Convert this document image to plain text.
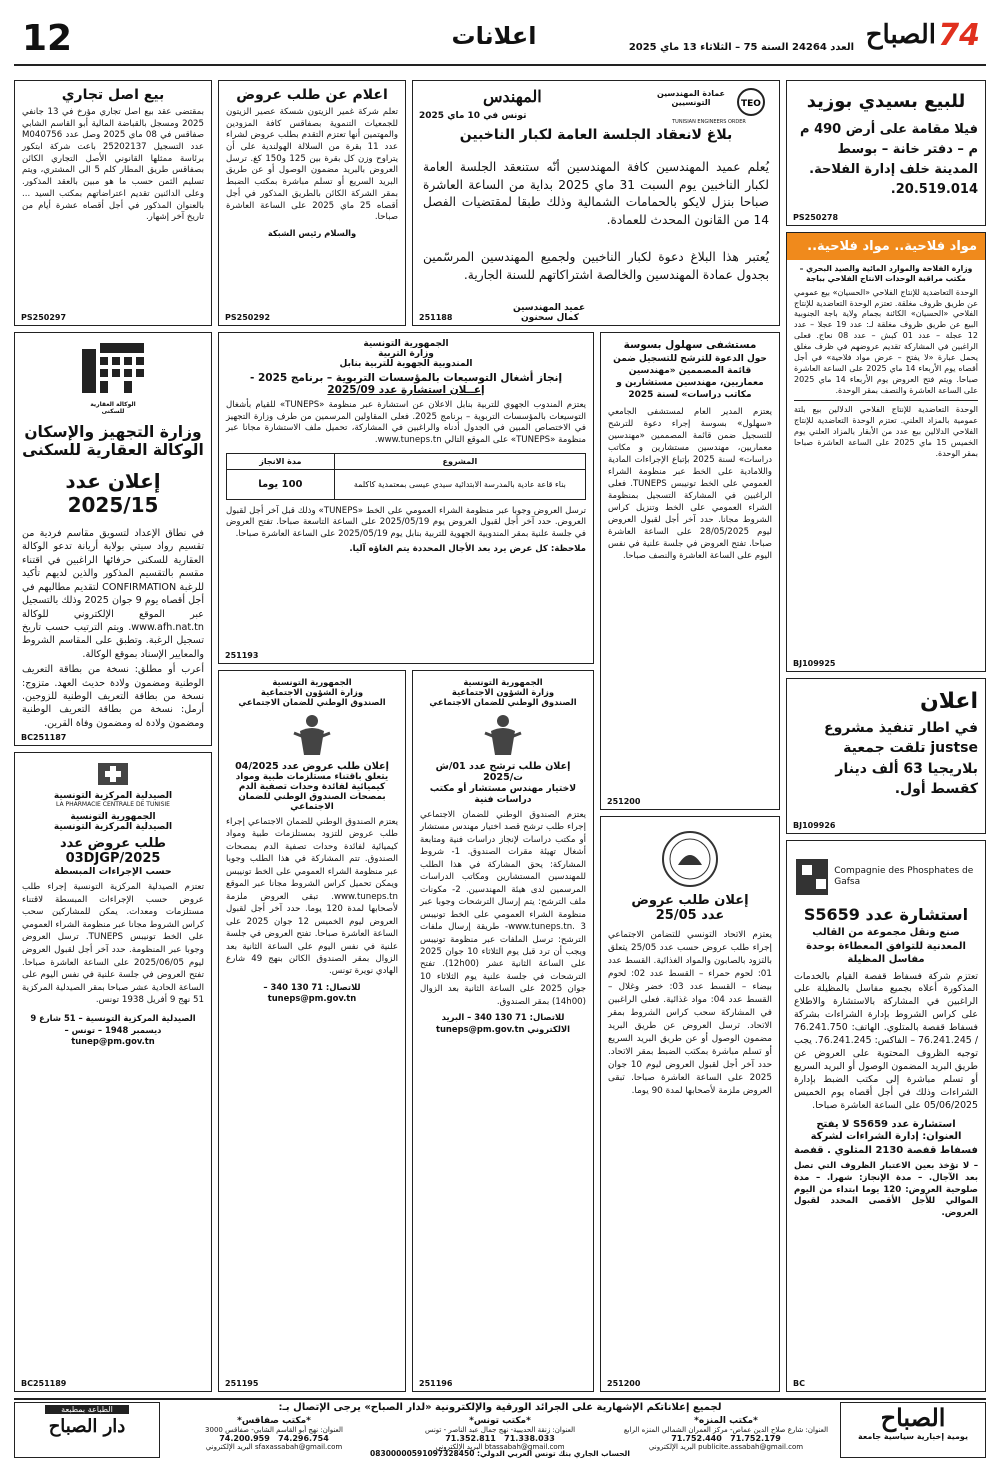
12	اعلانات	العدد 24264 السنة 75 – الثلاثاء 13 ماي 2025	74
الصباح
للبيع بسيدي بوزيد
فيلا مقامة على أرض 490 م م – دفتر خانة – بوسط المدينة خلف إدارة الفلاحة. 20.519.014.
PS250278
TEO
عمادة المهندسين التونسيين
TUNISIAN ENGINEERS ORDER
المهندس
تونس في 10 ماي 2025
بلاغ لانعقاد الجلسة العامة لكبار الناخبين
يُعلم عميد المهندسين كافة المهندسين أنّه ستنعقد الجلسة العامة لكبار الناخبين يوم السبت 31 ماي 2025 بداية من الساعة العاشرة صباحا بنزل لايكو بالحمامات الشمالية وذلك طبقا لمقتضيات الفصل 14 من القانون المحدث للعمادة.
يُعتبر هذا البلاغ دعوة لكبار الناخبين ولجميع المهندسين المرسّمين بجدول عمادة المهندسين والخالصة اشتراكاتهم للسنة الجارية.
عميد المهندسين
كمال سحنون
251188
اعلام عن طلب عروض
تعلم شركة غمير الزيتون شسكة عصير الزيتون للجمعيات التنموية بصفاقس كافة المزودين والمهتمين أنها تعتزم التقدم بطلب عروض لشراء عدد 11 بقرة من السلالة الهولندية على أن يتراوح وزن كل بقرة بين 125 و150 كغ. ترسل العروض بالبريد مضمون الوصول أو عن طريق البريد السريع أو تسلم مباشرة بمكتب الضبط بمقر الشركة الكائن بالطريق المذكور في أجل أقصاه 25 ماي 2025 على الساعة العاشرة صباحا.
والسلام رئيس الشبكة
PS250292
بيع اصل تجاري
بمقتضى عقد بيع اصل تجاري مؤرخ في 13 جانفي 2025 ومسجل بالقباضة المالية أبو القاسم الشابي صفاقس في 08 ماي 2025 وصل عدد M040756 عدد التسجيل 25202137 باعت شركة ابتكور برئاسة ممثلها القانوني الأصل التجاري الكائن بصفاقس طريق المطار كلم 5 الى المشتري، ويتم تسليم الثمن حسب ما هو مبين بالعقد المذكور. وعلى الدائنين تقديم اعتراضاتهم بمكتب السيد ... بالعنوان المذكور في أجل أقصاه عشرة أيام من تاريخ آخر إشهار.
PS250297
مواد فلاحية.. مواد فلاحية..
وزارة الفلاحة والموارد المائية والصيد البحري – مكتب مراقبة الوحدات الانتاج الفلاحي بباجة
الوحدة التعاضدية للإنتاج الفلاحي «الحسيان» بيع عمومي عن طريق ظروف مغلقة. تعتزم الوحدة التعاضدية للإنتاج الفلاحي «الحسيان» الكائنة بجمام ولاية باجة الجنوبية البيع عن طريق ظروف مغلقة لـ: عدد 19 عجلا – عدد 12 عجلة – عدد 01 كبش – عدد 08 نعاج. فعلى الراغبين في المشاركة تقديم عروضهم في ظرف مغلق يحمل عبارة «لا يفتح – عرض مواد فلاحية» في أجل أقصاه يوم الأربعاء 14 ماي 2025 على الساعة العاشرة صباحا. ويتم فتح العروض يوم الأربعاء 14 ماي 2025 على الساعة العاشرة والنصف بمقر الوحدة.
الوحدة التعاضدية للإنتاج الفلاحي الدلالين بيع بلتة عمومية بالمزاد العلني. تعتزم الوحدة التعاضدية للإنتاج الفلاحي الدلالين بيع عدد من الأبقار بالمزاد العلني يوم الخميس 15 ماي 2025 على الساعة العاشرة صباحا بمقر الوحدة.
BJ109925
اعلان
في اطار تنفيذ مشروع justse تلقت جمعية بلاريجيا 63 ألف دينار كقسط أول.
BJ109926
Compagnie des Phosphates de Gafsa
استشارة عدد S5659
صنع ونقل مجموعة من القالب المعدنية للتوافق المعطاءة بوحدة مفاسل المظيلة
تعتزم شركة فسفاط قفصة القيام بالخدمات المذكورة أعلاه بجميع مفاسل بالمظيلة على الراغبين في المشاركة بالاستشارة والاطلاع على كراس الشروط بإدارة الشراءات بشركة فسفاط قفصة بالمتلوي. الهاتف: 76.241.750 / 76.241.245 – الفاكس: 76.241.245. يجب توجيه الظروف المحتوية على العروض عن طريق البريد المضمون الوصول أو البريد السريع أو تسلم مباشرة إلى مكتب الضبط بإدارة الشراءات وذلك في أجل أقصاه يوم الخميس 05/06/2025 على الساعة العاشرة صباحا.
استشارة عدد S5659 لا يفتح
العنوان: إدارة الشراءات لشركة فسفاط قفصة 2130 المتلوي . قفصة
– لا تؤخذ بعين الاعتبار الظروف التي تصل بعد الآجال. – مدة الإنجاز: شهرا. – مدة صلوحية العروض: 120 يوما ابتداء من اليوم الموالي للأجل الأقصى المحدد لقبول العروض.
BC
مستشفى سهلول بسوسة
حول الدعوة للترشح للتسجيل ضمن قائمة المصممين «مهندسين معماريين، مهندسين مستشارين و مكاتب دراسات» لسنة 2025
يعتزم المدير العام لمستشفى الجامعي «سهلول» بسوسة إجراء دعوة للترشح للتسجيل ضمن قائمة المصممين «مهندسين معماريين، مهندسين مستشارين و مكاتب دراسات» لسنة 2025 بإتباع الإجراءات المادية واللامادية على الخط عبر منظومة الشراء العمومي على الخط تونيبس TUNEPS. فعلى الراغبين في المشاركة التسجيل بمنظومة الشراء العمومي على الخط وتنزيل كراس الشروط مجانا. حدد آخر أجل لقبول العروض ليوم 28/05/2025 على الساعة العاشرة صباحا. تفتح العروض في جلسة علنية في نفس اليوم على الساعة العاشرة والنصف صباحا.
251200
الجمهورية التونسية
وزارة التربية
المندوبية الجهوية للتربية بنابل
إنجاز أشغال التوسيعات بالمؤسسات التربوية – برنامج 2025 -
إعــلان استشارة عدد 2025/09
يعتزم المندوب الجهوي للتربية بنابل الاعلان عن استشارة عبر منظومة «TUNEPS» للقيام بأشغال التوسيعات بالمؤسسات التربوية – برنامج 2025. فعلى المقاولين المرسمين من طرف وزارة التجهيز في الاختصاص المبين في الجدول أدناه والراغبين في المشاركة، تحميل ملف الاستشارة مجانا عبر منظومة «TUNEPS» على الموقع التالي www.tuneps.tn.
المشروع	مدة الانجاز
بناء قاعة عادية بالمدرسة الابتدائية سيدي عيسى بمعتمدية كاكلمة	100 يوما
ترسل العروض وجوبا عبر منظومة الشراء العمومي على الخط «TUNEPS» وذلك قبل آخر أجل لقبول العروض. حدد آخر أجل لقبول العروض يوم 2025/05/19 على الساعة التاسعة صباحا. تفتح العروض في جلسة علنية بمقر المندوبية الجهوية للتربية بنابل يوم 2025/05/19 على الساعة العاشرة صباحا.
ملاحظة: كل عرض يرد بعد الأجال المحددة يتم الغاؤه آليا.
251193
الوكالة العقارية للسكنى
وزارة التجهيز والإسكان
الوكالة العقارية للسكنى
إعلان عدد 2025/15
في نطاق الإعداد لتسويق مقاسم فردية من تقسيم رواد سيتي بولاية أريانة تدعو الوكالة العقارية للسكنى حرفائها الراغبين في اقتناء مقسم بالتقسيم المذكور والذين لديهم تأكيد للرغبة CONFIRMATION لتقديم مطالبهم في أجل أقصاه يوم 9 جوان 2025 وذلك بالتسجيل عبر الموقع الإلكتروني للوكالة www.afh.nat.tn. ويتم الترتيب حسب تاريخ تسجيل الرغبة. وتطبق على المقاسم الشروط والمعايير الإسناد بموقع الوكالة.
أعرب أو مطلق: نسخة من بطاقة التعريف الوطنية ومضمون ولادة حديث العهد. متزوج: نسخة من بطاقة التعريف الوطنية للزوجين. أرمل: نسخة من بطاقة التعريف الوطنية ومضمون ولادة له ومضمون وفاة القرين.
BC251187
الجمهورية التونسية
وزارة الشؤون الاجتماعية
الصندوق الوطني للضمان الاجتماعي
إعلان طلب ترشح عدد 01/ش ت/2025
لاختيار مهندس مستشار أو مكتب دراسات فنية
يعتزم الصندوق الوطني للضمان الاجتماعي إجراء طلب ترشح قصد اختيار مهندس مستشار أو مكتب دراسات لإنجاز دراسات فنية ومتابعة أشغال تهيئة مقرات الصندوق. 1- شروط المشاركة: يحق المشاركة في هذا الطلب للمهندسين المستشارين ومكاتب الدراسات المرسمين لدى هيئة المهندسين. 2- مكونات ملف الترشح: يتم إرسال الترشحات وجوبا عبر منظومة الشراء العمومي على الخط تونيبس www.tuneps.tn. 3- طريقة إرسال ملفات الترشح: ترسل الملفات عبر منظومة تونيبس ويجب أن ترد قبل يوم الثلاثاء 10 جوان 2025 على الساعة الثانية عشر (12h00). تفتح الترشحات في جلسة علنية يوم الثلاثاء 10 جوان 2025 على الساعة الثانية بعد الزوال (14h00) بمقر الصندوق.
للاتصال: 71 130 340 – البريد الالكتروني tuneps@pm.gov.tn
251196
الجمهورية التونسية
وزارة الشؤون الاجتماعية
الصندوق الوطني للضمان الاجتماعي
إعلان طلب عروض عدد 04/2025
يتعلق باقتناء مستلزمات طبية ومواد كيميائية لفائدة وحدات تصفية الدم بمصحات الصندوق الوطني للضمان الاجتماعي
يعتزم الصندوق الوطني للضمان الاجتماعي إجراء طلب عروض للتزود بمستلزمات طبية ومواد كيميائية لفائدة وحدات تصفية الدم بمصحات الصندوق. تتم المشاركة في هذا الطلب وجوبا عبر منظومة الشراء العمومي على الخط تونيبس ويمكن تحميل كراس الشروط مجانا عبر الموقع www.tuneps.tn. تبقى العروض ملزمة لأصحابها لمدة 120 يوما. حدد آخر أجل لقبول العروض ليوم الخميس 12 جوان 2025 على الساعة العاشرة صباحا. تفتح العروض في جلسة علنية في نفس اليوم على الساعة الثانية بعد الزوال بمقر الصندوق الكائن بنهج 49 شارع الهادي نويرة تونس.
للاتصال: 71 130 340 – tuneps@pm.gov.tn
251195
الصيدلية المركزية التونسية
LA PHARMACIE CENTRALE DE TUNISIE
الجمهورية التونسية
الصيدلية المركزية التونسية
طلب عروض عدد 03DJGP/2025
حسب الإجراءات المبسطة
تعتزم الصيدلية المركزية التونسية إجراء طلب عروض حسب الإجراءات المبسطة لاقتناء مستلزمات ومعدات. يمكن للمشاركين سحب كراس الشروط مجانا عبر منظومة الشراء العمومي على الخط تونيبس TUNEPS. ترسل العروض وجوبا عبر المنظومة. حدد آخر أجل لقبول العروض ليوم 2025/06/05 على الساعة العاشرة صباحا. تفتح العروض في جلسة علنية في نفس اليوم على الساعة الحادية عشر صباحا بمقر الصيدلية المركزية 51 نهج 9 أفريل 1938 تونس.
الصيدلية المركزية التونسية – 51 شارع 9 ديسمبر 1948 – تونس – tunep@pm.gov.tn
BC251189
إعلان طلب عروض
عدد 25/05
يعتزم الاتحاد التونسي للتضامن الاجتماعي إجراء طلب عروض حسب عدد 25/05 يتعلق بالتزود بالصابون والمواد الغذائية. القسط عدد 01: لحوم حمراء – القسط عدد 02: لحوم بيضاء – القسط عدد 03: خضر وغلال – القسط عدد 04: مواد غذائية. فعلى الراغبين في المشاركة سحب كراس الشروط بمقر الاتحاد. ترسل العروض عن طريق البريد مضمون الوصول أو عن طريق البريد السريع أو تسلم مباشرة بمكتب الضبط بمقر الاتحاد. حدد آخر أجل لقبول العروض ليوم 10 جوان 2025 على الساعة العاشرة صباحا. تبقى العروض ملزمة لأصحابها لمدة 90 يوما.
251200
لجميع إعلاناتكم الإشهارية على الجرائد الورقية والإلكترونية «لدار الصباح» يرجى الإتصال بـ:	الصباح
يومية إخبارية سياسية جامعة
الطباعة بمطبعة
دار الصباح	*مكتب المنزه*
العنوان: شارع صلاح الدين عماص- مركز العمران الشمالي المنزه الرابع
71.752.179   71.752.440
البريد الإلكتروني publicite.assabah@gmail.com
*مكتب تونس*
العنوان: زنقة الحديبية- نهج جمال عبد الناصر - تونس
71.338.033   71.352.811
البريد الإلكتروني btassabah@gmail.com
*مكتب صفاقس*
العنوان: نهج أبو القاسم الشابي- صفاقس 3000
74.296.754   74.200.959
البريد الإلكتروني sfaxassabah@gmail.com
الحساب الجاري بنك تونس العربي الدولي: 08300000591097328450
